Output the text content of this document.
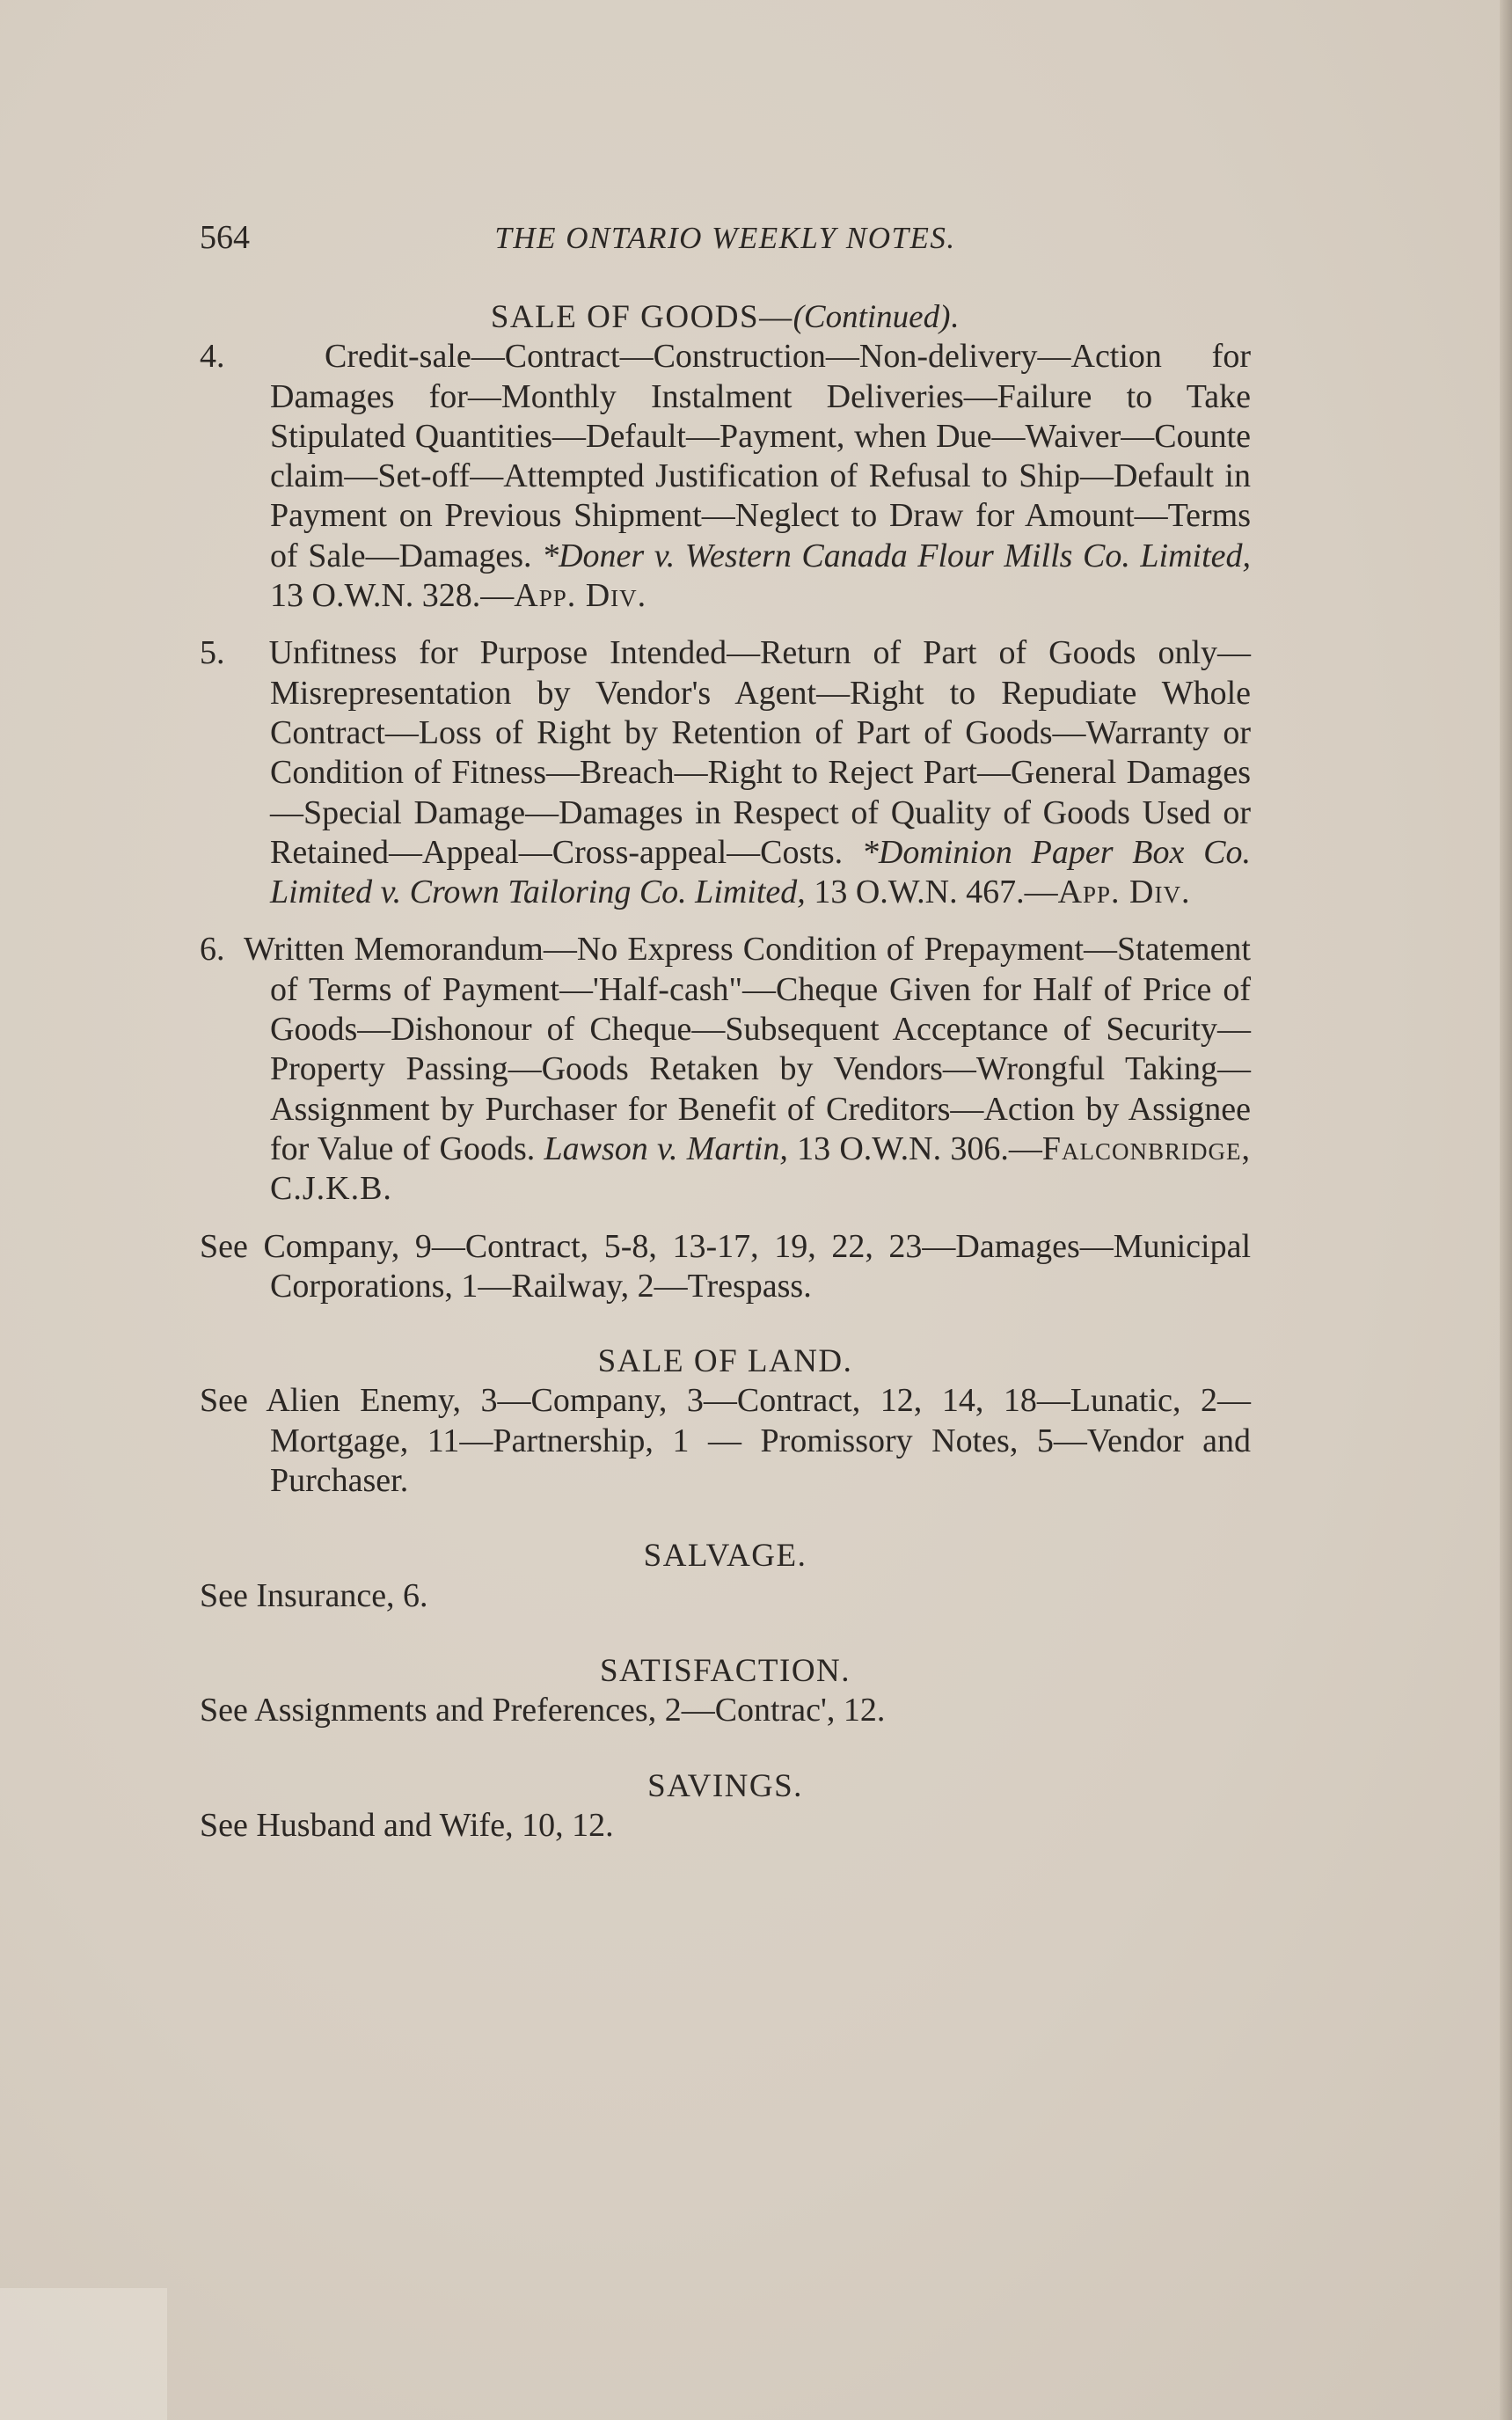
564	THE ONTARIO WEEKLY NOTES.

SALE OF GOODS—(Continued).

4.	Credit-sale—Contract—Construction—Non-delivery—Action for Damages for—Monthly Instalment Deliveries—Failure to Take Stipulated Quantities—Default—Payment, when Due—Waiver—Counte claim—Set-off—Attempted Justification of Refusal to Ship—Default in Payment on Previous Shipment—Neglect to Draw for Amount—Terms of Sale—Damages. *Doner v. Western Canada Flour Mills Co. Limited, 13 O.W.N. 328.—App. Div.

5. Unfitness for Purpose Intended—Return of Part of Goods only—Misrepresentation by Vendor's Agent—Right to Repudiate Whole Contract—Loss of Right by Retention of Part of Goods—Warranty or Condition of Fitness—Breach—Right to Reject Part—General Damages—Special Damage—Damages in Respect of Quality of Goods Used or Retained—Appeal—Cross-appeal—Costs. *Dominion Paper Box Co. Limited v. Crown Tailoring Co. Limited, 13 O.W.N. 467.—App. Div.

6. Written Memorandum—No Express Condition of Prepayment—Statement of Terms of Payment—'Half-cash"—Cheque Given for Half of Price of Goods—Dishonour of Cheque—Subsequent Acceptance of Security—Property Passing—Goods Retaken by Vendors—Wrongful Taking—Assignment by Purchaser for Benefit of Creditors—Action by Assignee for Value of Goods. Lawson v. Martin, 13 O.W.N. 306.—Falconbridge, C.J.K.B.

See Company, 9—Contract, 5-8, 13-17, 19, 22, 23—Damages—Municipal Corporations, 1—Railway, 2—Trespass.

SALE OF LAND.

See Alien Enemy, 3—Company, 3—Contract, 12, 14, 18—Lunatic, 2—Mortgage, 11—Partnership, 1 — Promissory Notes, 5—Vendor and Purchaser.

SALVAGE.

See Insurance, 6.

SATISFACTION.

See Assignments and Preferences, 2—Contrac', 12.

SAVINGS.

See Husband and Wife, 10, 12.
